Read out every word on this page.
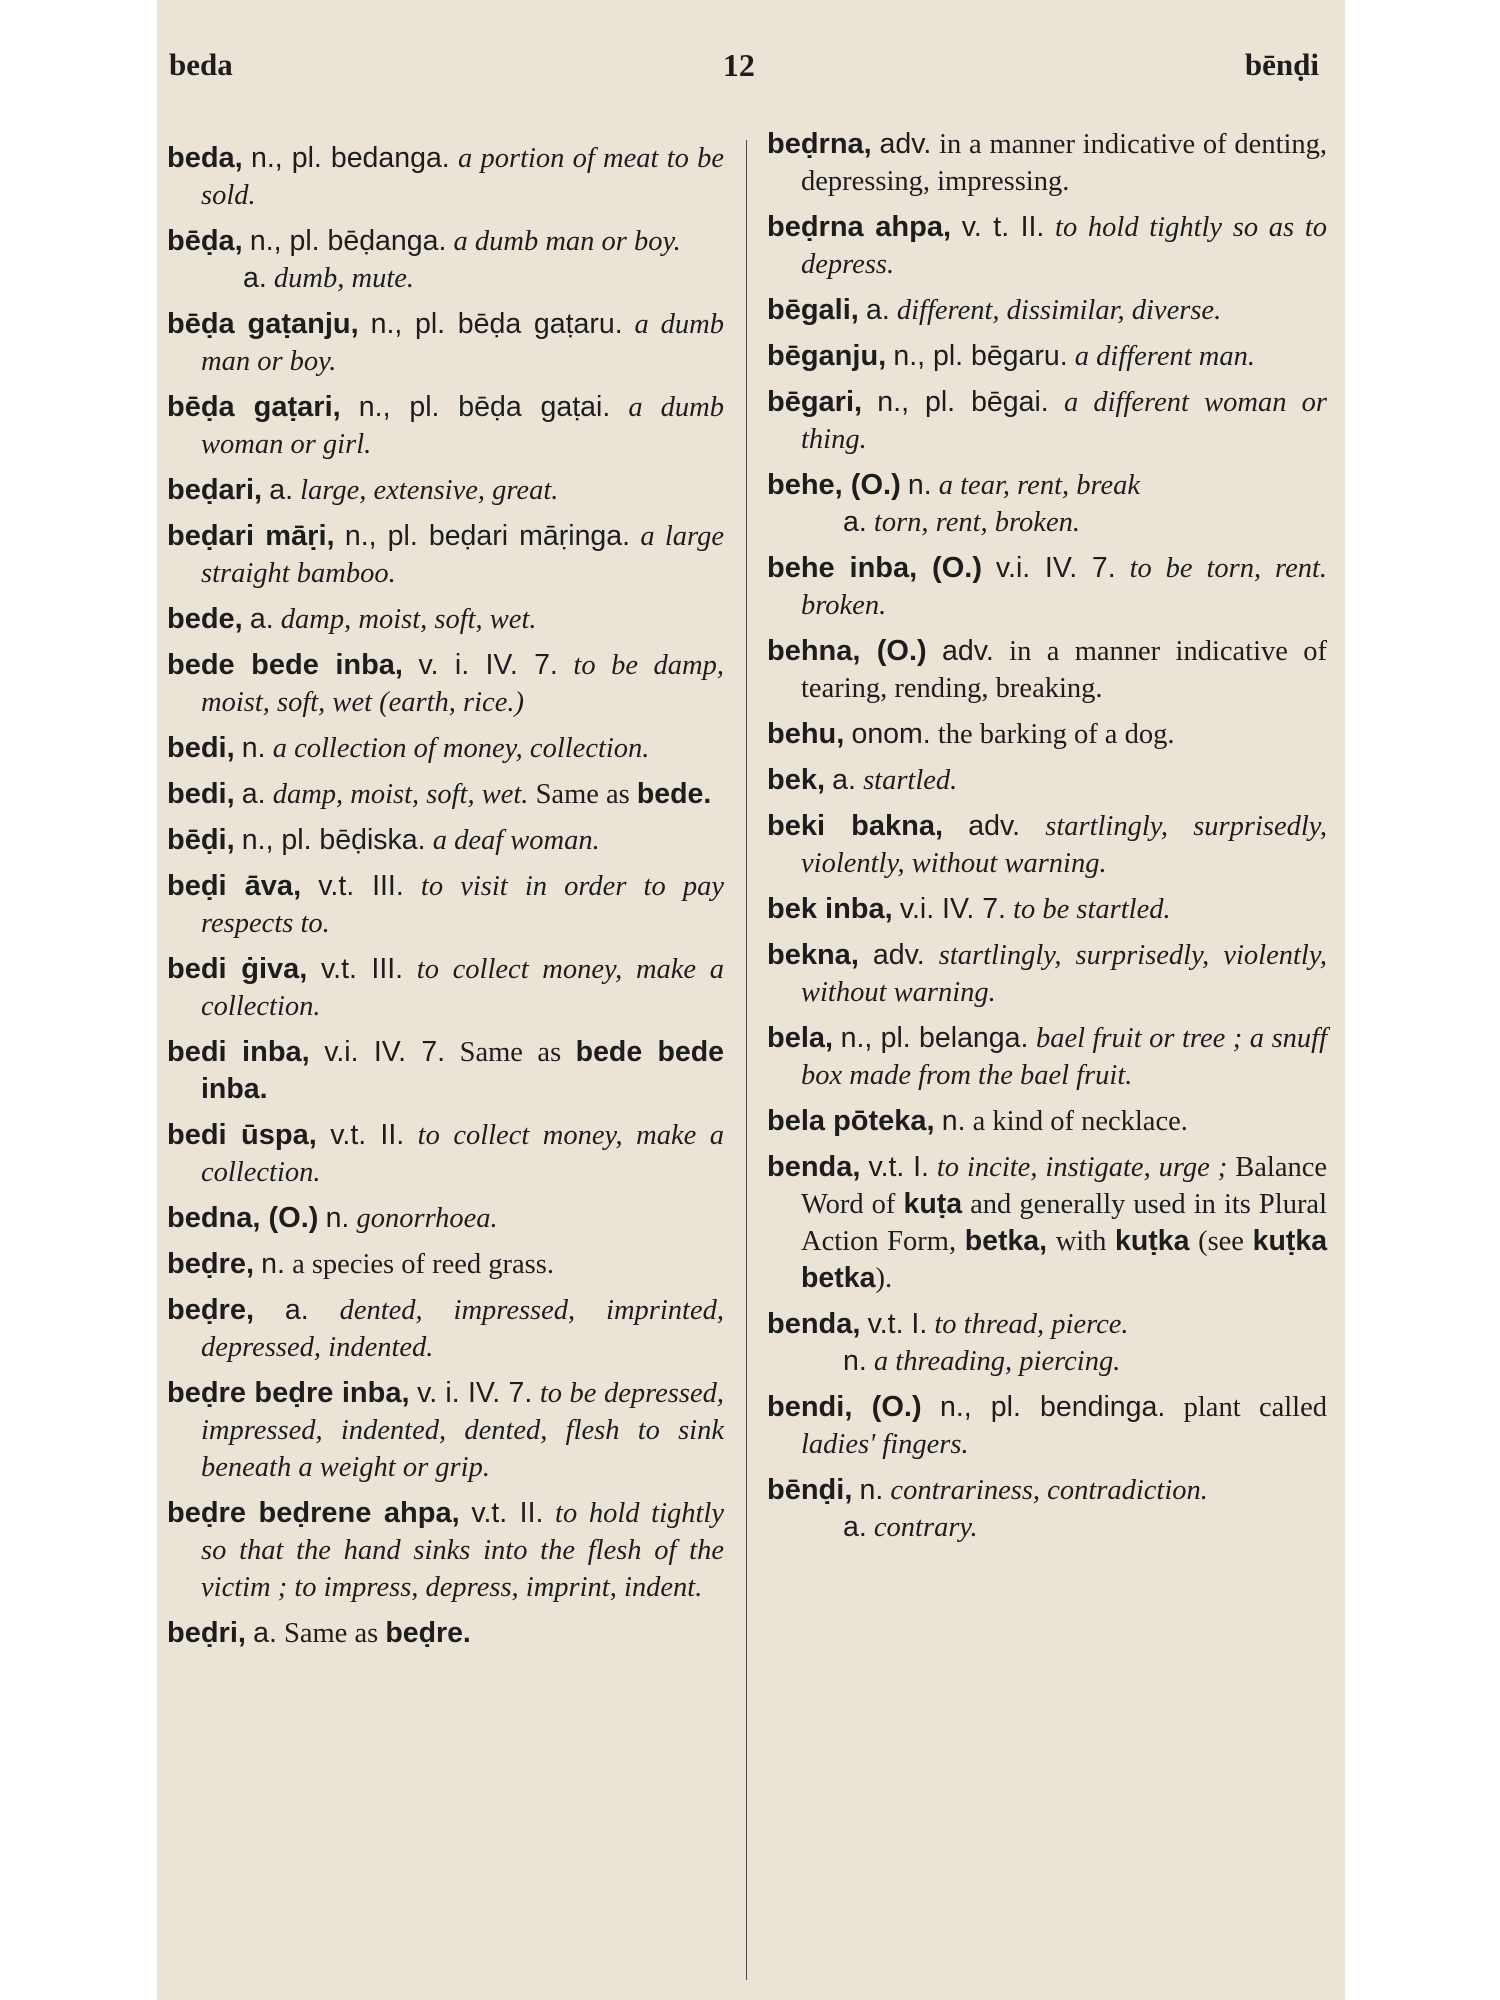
beda	12	bēnḍi

beda, n., pl. bedanga. a portion of meat to be sold.

bēḍa, n., pl. bēḍanga. a dumb man or boy.
a. dumb, mute.

bēḍa gaṭanju, n., pl. bēḍa gaṭaru. a dumb man or boy.

bēḍa gaṭari, n., pl. bēḍa gaṭai. a dumb woman or girl.

beḍari, a. large, extensive, great.

beḍari māṛi, n., pl. beḍari māṛinga. a large straight bamboo.

bede, a. damp, moist, soft, wet.

bede bede inba, v. i. IV. 7. to be damp, moist, soft, wet (earth, rice.)

bedi, n. a collection of money, collection.

bedi, a. damp, moist, soft, wet. Same as bede.

bēḍi, n., pl. bēḍiska. a deaf woman.

beḍi āva, v.t. III. to visit in order to pay respects to.

bedi ġiva, v.t. III. to collect money, make a collection.

bedi inba, v.i. IV. 7. Same as bede bede inba.

bedi ūspa, v.t. II. to collect money, make a collection.

bedna, (O.) n. gonorrhoea.

beḍre, n. a species of reed grass.

beḍre, a. dented, impressed, imprinted, depressed, indented.

beḍre beḍre inba, v. i. IV. 7. to be depressed, impressed, indented, dented, flesh to sink beneath a weight or grip.

beḍre beḍrene ahpa, v.t. II. to hold tightly so that the hand sinks into the flesh of the victim ; to impress, depress, imprint, indent.

beḍri, a. Same as beḍre.

beḍrna, adv. in a manner indicative of denting, depressing, impressing.

beḍrna ahpa, v. t. II. to hold tightly so as to depress.

bēgali, a. different, dissimilar, diverse.

bēganju, n., pl. bēgaru. a different man.

bēgari, n., pl. bēgai. a different woman or thing.

behe, (O.) n. a tear, rent, break
a. torn, rent, broken.

behe inba, (O.) v.i. IV. 7. to be torn, rent. broken.

behna, (O.) adv. in a manner indicative of tearing, rending, breaking.

behu, onom. the barking of a dog.

bek, a. startled.

beki bakna, adv. startlingly, surprisedly, violently, without warning.

bek inba, v.i. IV. 7. to be startled.

bekna, adv. startlingly, surprisedly, violently, without warning.

bela, n., pl. belanga. bael fruit or tree ; a snuff box made from the bael fruit.

bela pōteka, n. a kind of necklace.

benda, v.t. I. to incite, instigate, urge ; Balance Word of kuṭa and generally used in its Plural Action Form, betka, with kuṭka (see kuṭka betka).

benda, v.t. I. to thread, pierce.
n. a threading, piercing.

bendi, (O.) n., pl. bendinga. plant called ladies' fingers.

bēnḍi, n. contrariness, contradiction.
a. contrary.
